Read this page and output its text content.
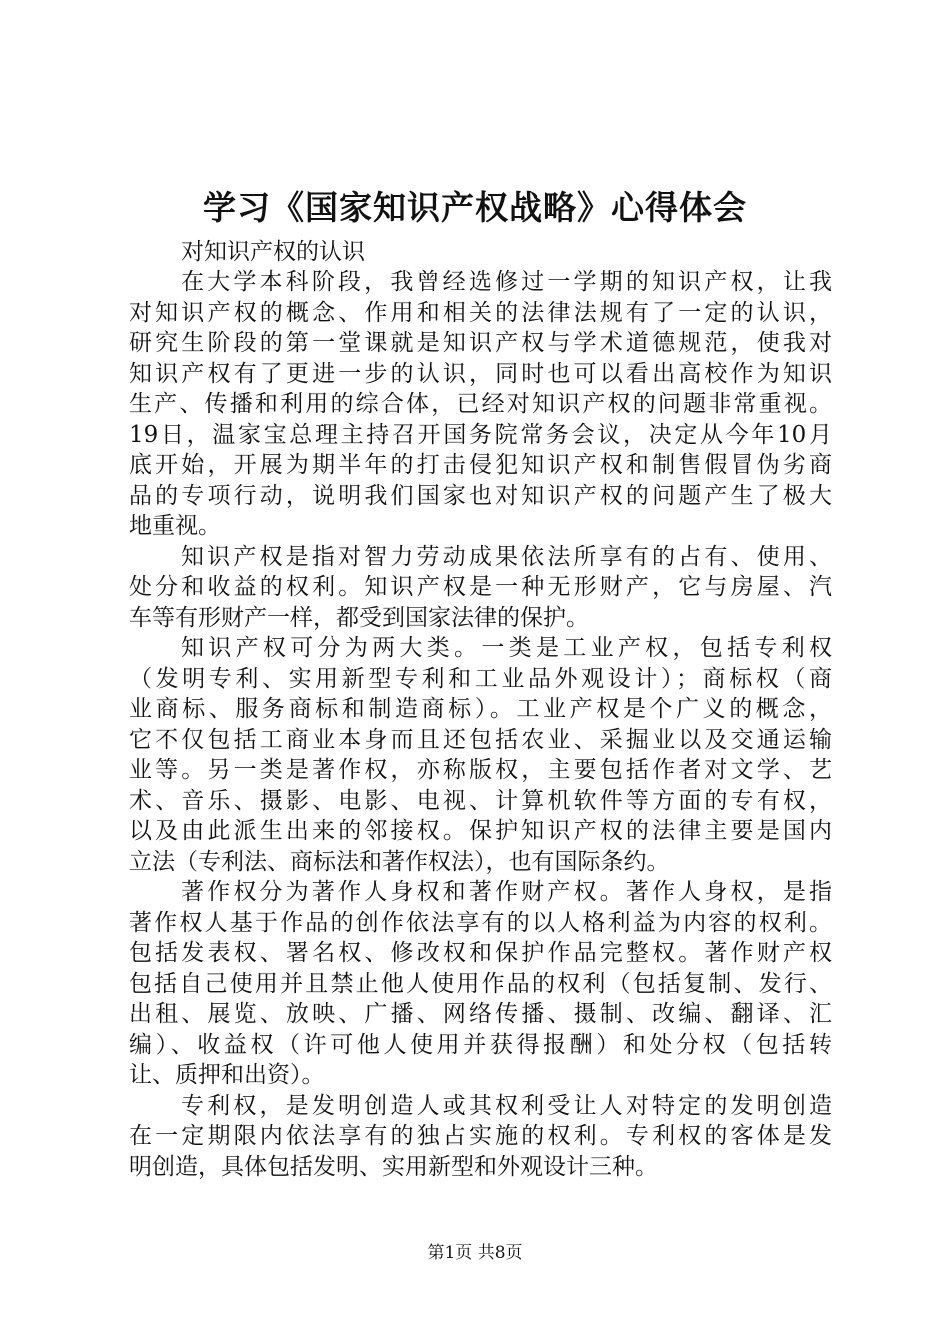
学习《国家知识产权战略》心得体会

对知识产权的认识

在大学本科阶段，我曾经选修过一学期的知识产权，让我
对知识产权的概念、作用和相关的法律法规有了一定的认识，
研究生阶段的第一堂课就是知识产权与学术道德规范，使我对
知识产权有了更进一步的认识，同时也可以看出高校作为知识
生产、传播和利用的综合体，已经对知识产权的问题非常重视。
19日，温家宝总理主持召开国务院常务会议，决定从今年10月
底开始，开展为期半年的打击侵犯知识产权和制售假冒伪劣商
品的专项行动，说明我们国家也对知识产权的问题产生了极大
地重视。

知识产权是指对智力劳动成果依法所享有的占有、使用、
处分和收益的权利。知识产权是一种无形财产，它与房屋、汽
车等有形财产一样，都受到国家法律的保护。

知识产权可分为两大类。一类是工业产权，包括专利权
（发明专利、实用新型专利和工业品外观设计）；商标权（商
业商标、服务商标和制造商标）。工业产权是个广义的概念，
它不仅包括工商业本身而且还包括农业、采掘业以及交通运输
业等。另一类是著作权，亦称版权，主要包括作者对文学、艺
术、音乐、摄影、电影、电视、计算机软件等方面的专有权，
以及由此派生出来的邻接权。保护知识产权的法律主要是国内
立法（专利法、商标法和著作权法），也有国际条约。

著作权分为著作人身权和著作财产权。著作人身权，是指
著作权人基于作品的创作依法享有的以人格利益为内容的权利。
包括发表权、署名权、修改权和保护作品完整权。著作财产权
包括自己使用并且禁止他人使用作品的权利（包括复制、发行、
出租、展览、放映、广播、网络传播、摄制、改编、翻译、汇
编）、收益权（许可他人使用并获得报酬）和处分权（包括转
让、质押和出资）。

专利权，是发明创造人或其权利受让人对特定的发明创造
在一定期限内依法享有的独占实施的权利。专利权的客体是发
明创造，具体包括发明、实用新型和外观设计三种。

第1页 共8页
